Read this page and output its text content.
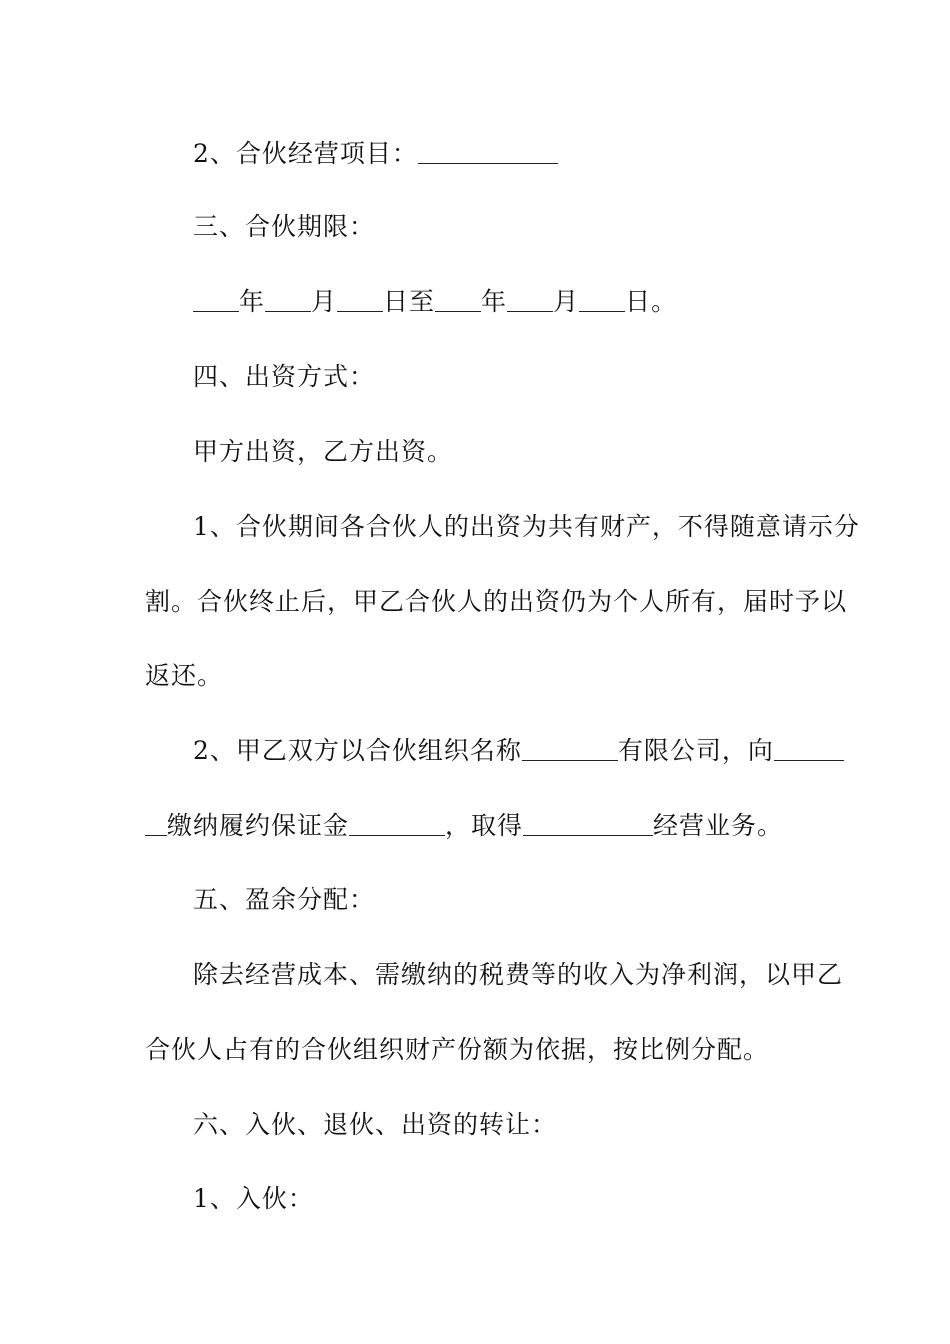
2、合伙经营项目：
三、合伙期限：
年 月 日至 年 月 日。
四、出资方式：
甲方出资，乙方出资。
1、合伙期间各合伙人的出资为共有财产，不得随意请示分
割。合伙终止后，甲乙合伙人的出资仍为个人所有，届时予以
返还。
2、甲乙双方以合伙组织名称	有限公司，向
缴纳履约保证金	，取得	经营业务。
五、盈余分配：
除去经营成本、需缴纳的税费等的收入为净利润，以甲乙
合伙人占有的合伙组织财产份额为依据，按比例分配。
六、入伙、退伙、出资的转让：
1、入伙：
